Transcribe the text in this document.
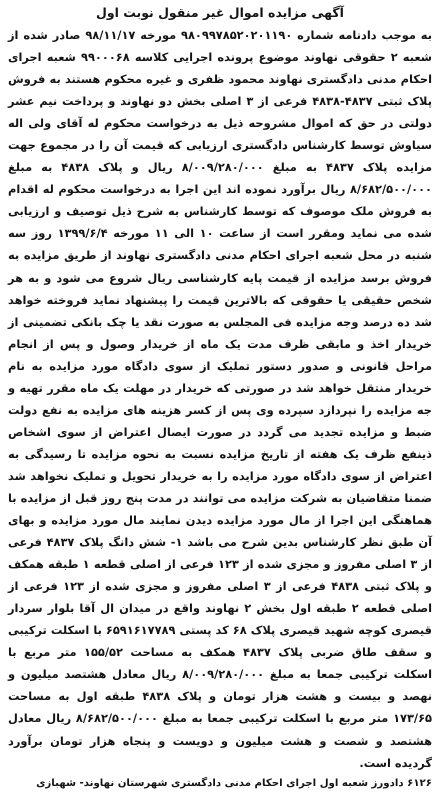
آگهی مزایده اموال غیر منقول نوبت اول

به موجب دادنامه شماره ۹۸۰۹۹۷۸۵۲۰۲۰۱۱۹۰ مورخه ۹۸/۱۱/۱۷ صادر شده از شعبه ۲ حقوقی نهاوند موضوع پرونده اجرایی کلاسه ۹۹۰۰۰۶۸ شعبه اجرای احکام مدنی دادگستری نهاوند محمود ظفری و غیره محکوم هستند به فروش پلاک ثبتی ۴۸۳۷-۴۸۳۸ فرعی از ۳ اصلی بخش دو نهاوند و پرداخت نیم عشر دولتی در حق که اموال مشروحه ذیل به درخواست محکوم له آقای ولی اله سیاوش توسط کارشناس دادگستری ارزیابی که قیمت آن را در مجموع جهت مزایده پلاک ۴۸۳۷ به مبلغ ۸/۰۰۹/۲۸۰/۰۰۰ ریال و پلاک ۴۸۳۸ به مبلغ ۸/۶۸۲/۵۰۰/۰۰۰ ریال برآورد نموده اند این اجرا به درخواست محکوم له اقدام به فروش ملک موصوف که توسط کارشناس به شرح ذیل توصیف و ارزیابی شده می نماید ومقرر است از ساعت ۱۰ الی ۱۱ مورخه ۱۳۹۹/۶/۴ روز سه شنبه در محل شعبه اجرای احکام مدنی دادگستری نهاوند از طریق مزایده به فروش برسد مزایده از قیمت پایه کارشناسی ریال شروع می شود و به هر شخص حقیقی یا حقوقی که بالاترین قیمت را پیشنهاد نماید فروخته خواهد شد ده درصد وجه مزایده فی المجلس به صورت نقد یا چک بانکی تضمینی از خریدار اخذ و مابقی ظرف مدت یک ماه از خریدار وصول و پس از انجام مراحل قانونی و صدور دستور تملیک از سوی دادگاه مورد مزایده به نام خریدار منتقل خواهد شد در صورتی که خریدار در مهلت یک ماه مقرر تهیه و جه مزایده را نپردازد سپرده وی پس از کسر هزینه های مزایده به نفع دولت ضبط و مزایده تجدید می گردد در صورت ایصال اعتراض از سوی اشخاص ذینفع ظرف یک هفته از تاریخ مزایده نسبت به نحوه مزایده تا رسیدگی به اعتراض از سوی دادگاه مورد مزایده را به خریدار تحویل و تملیک نخواهد شد ضمنا متقاضیان به شرکت مزایده می توانند در مدت پنج روز قبل از مزایده با هماهنگی این اجرا از مال مورد مزایده دیدن نمایند مال مورد مزایده و بهای آن طبق نظر کارشناس بدین شرح می باشد ۱- شش دانگ پلاک ۴۸۳۷ فرعی از ۳ اصلی مفروز و مجزی شده از ۱۲۳ فرعی از اصلی قطعه ۱ طبقه همکف و پلاک ثبتی ۴۸۳۸ فرعی از ۳ اصلی مفروز و مجزی شده از ۱۲۳ فرعی از اصلی قطعه ۲ طبقه اول بخش ۲ نهاوند واقع در میدان ال آقا بلوار سردار قیصری کوچه شهید قیصری پلاک ۶۸ کد پستی ۶۵۹۱۶۱۷۷۸۹ با اسکلت ترکیبی و سقف طاق ضربی پلاک ۴۸۳۷ همکف به مساحت ۱۵۵/۵۲ متر مربع با اسکلت ترکیبی جمعا به مبلغ ۸/۰۰۹/۲۸۰/۰۰۰ ریال معادل هشتصد میلیون و نهصد و بیست و هشت هزار تومان و پلاک ۴۸۳۸ طبقه اول به مساحت ۱۷۳/۶۵ متر مربع با اسکلت ترکیبی جمعا به مبلغ ۸/۶۸۲/۵۰۰/۰۰۰ ریال معادل هشتصد و شصت و هشت میلیون و دویست و پنجاه هزار تومان برآورد گردیده است.

۶۱۲۶ دادورز شعبه اول اجرای احکام مدنی دادگستری شهرستان نهاوند- شهبازی
